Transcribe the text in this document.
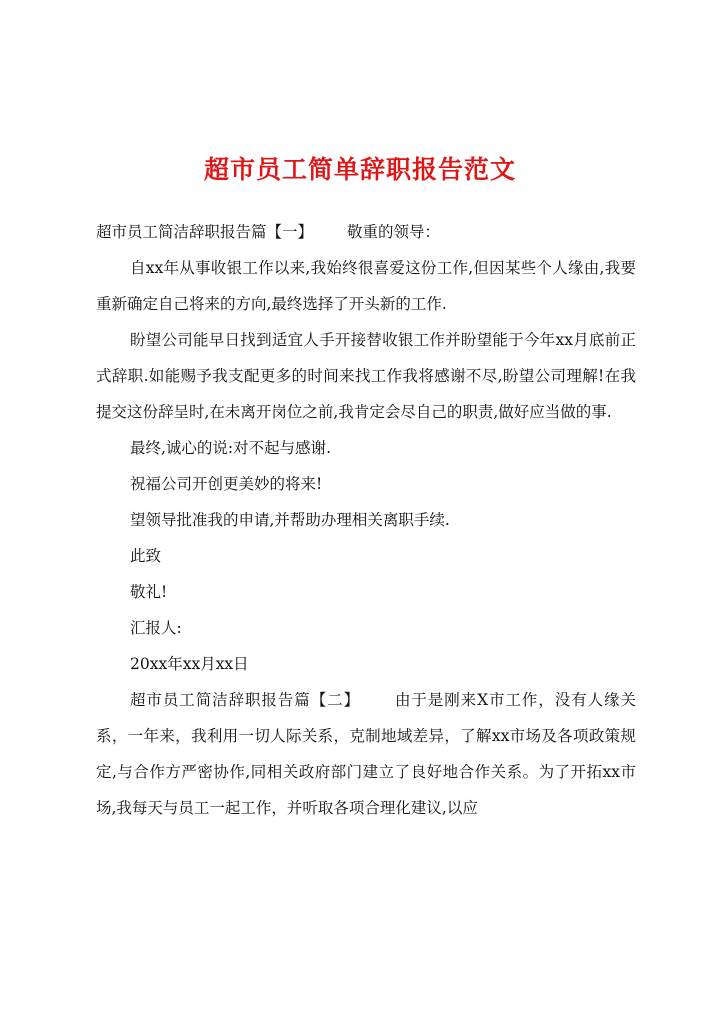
超市员工简单辞职报告范文

超市员工简洁辞职报告篇【一】 敬重的领导：

自xx年从事收银工作以来,我始终很喜爱这份工作,但因某些个人缘由,我要重新确定自己将来的方向,最终选择了开头新的工作.

盼望公司能早日找到适宜人手开接替收银工作并盼望能于今年xx月底前正式辞职.如能赐予我支配更多的时间来找工作我将感谢不尽,盼望公司理解!在我提交这份辞呈时,在未离开岗位之前,我肯定会尽自己的职责,做好应当做的事.

最终,诚心的说:对不起与感谢.

祝福公司开创更美妙的将来!

望领导批准我的申请,并帮助办理相关离职手续.

此致

敬礼!

汇报人:

20xx年xx月xx日

超市员工简洁辞职报告篇【二】 由于是刚来X市工作，没有人缘关系，一年来，我利用一切人际关系，克制地域差异，了解xx市场及各项政策规定,与合作方严密协作,同相关政府部门建立了良好地合作关系。为了开拓xx市场,我每天与员工一起工作，并听取各项合理化建议,以应
